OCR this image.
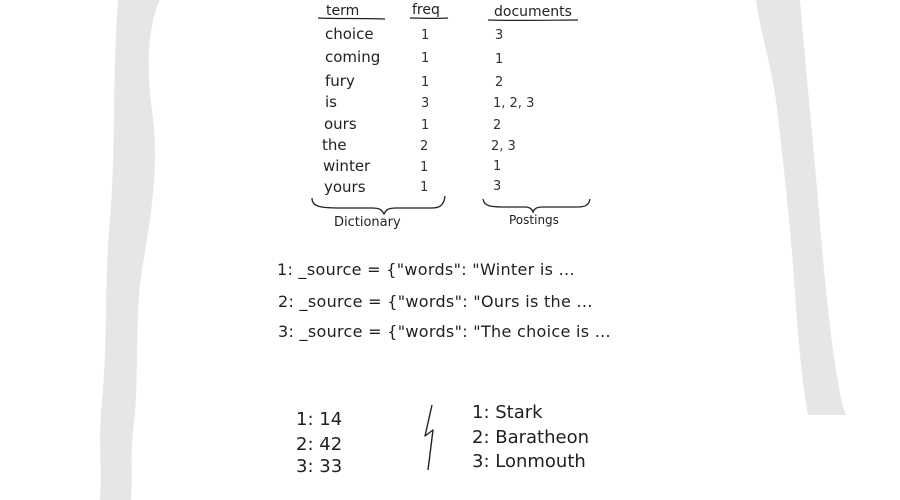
term	freq	documents
choice	1	3
coming	1	1
fury	1	2
is	3	1, 2, 3
ours	1	2
the	2	2, 3
winter	1	1
yours	1	3
Dictionary	Postings
1: _source = {"words": "Winter is ...
2: _source = {"words": "Ours is the ...
3: _source = {"words": "The choice is ...
1: 14
2: 42
3: 33
1: Stark
2: Baratheon
3: Lonmouth
